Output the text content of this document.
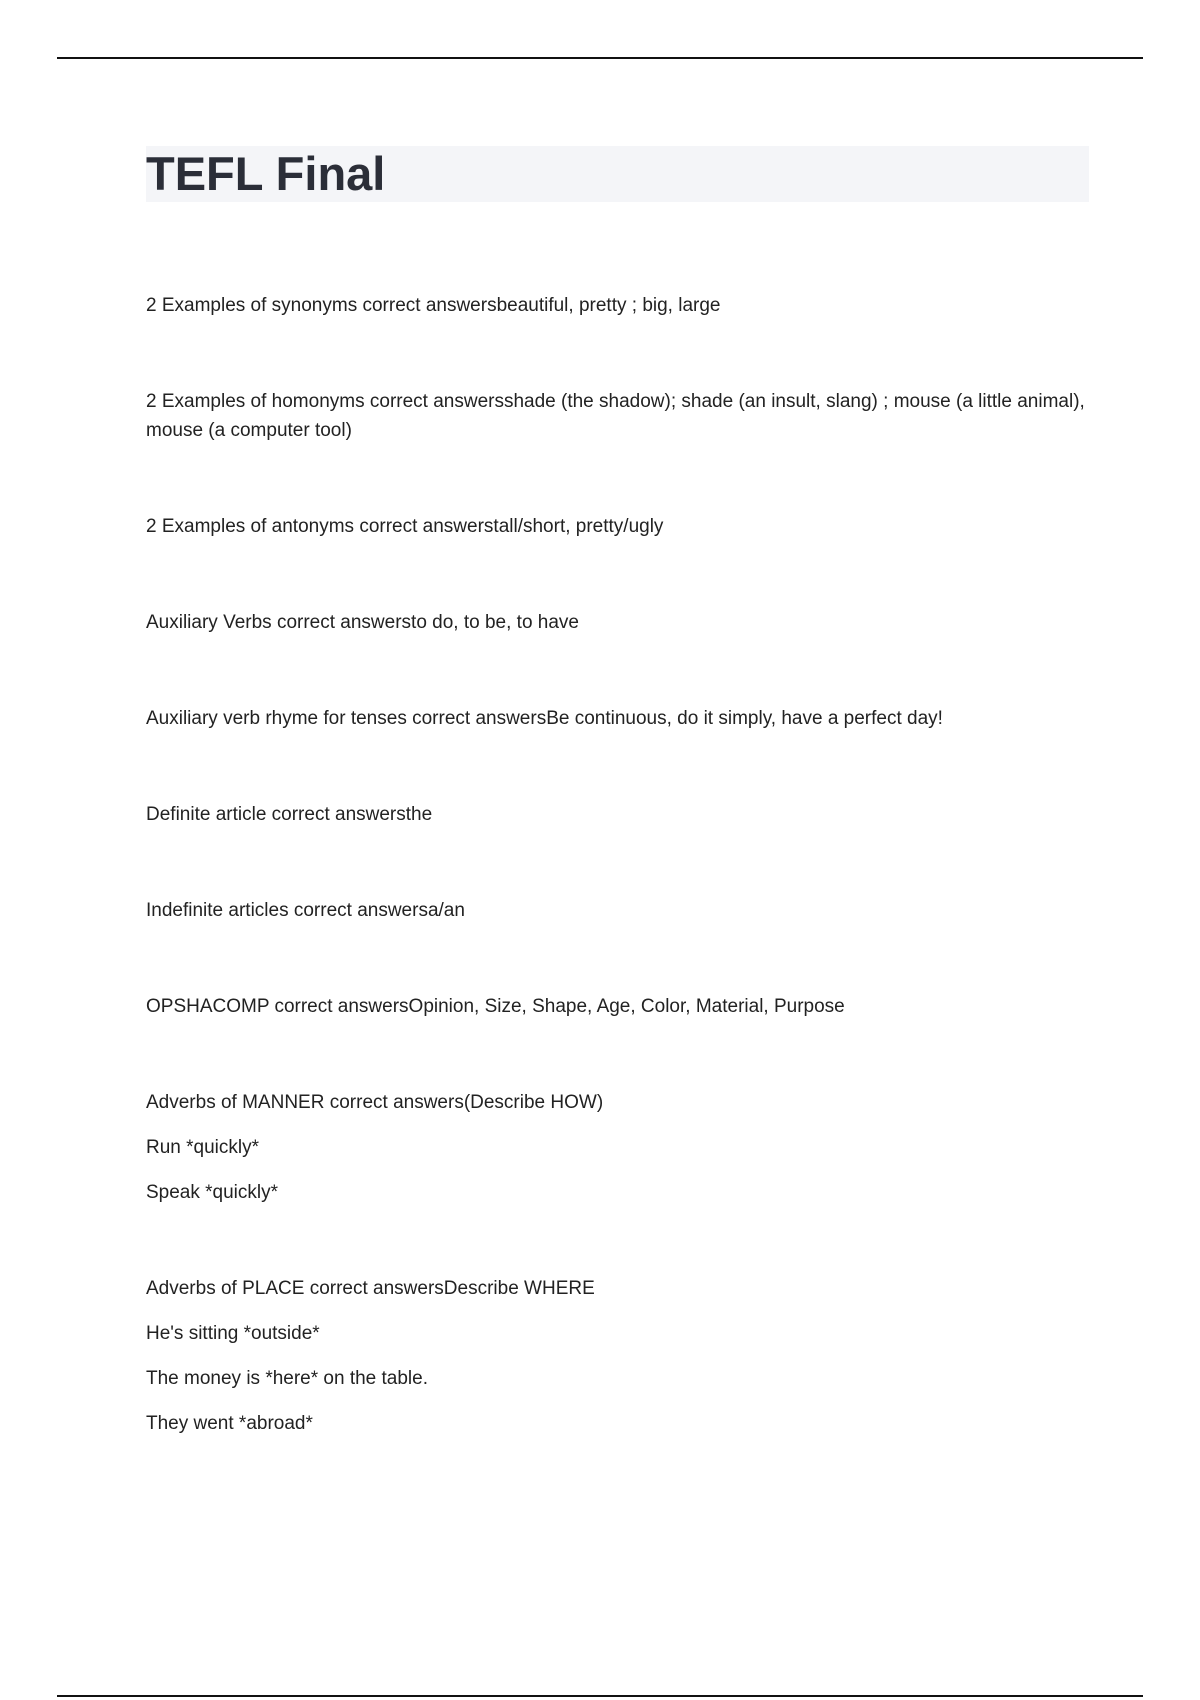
TEFL Final

2 Examples of synonyms correct answersbeautiful, pretty ; big, large

2 Examples of homonyms correct answersshade (the shadow); shade (an insult, slang) ; mouse (a little animal), mouse (a computer tool)

2 Examples of antonyms correct answerstall/short, pretty/ugly

Auxiliary Verbs correct answersto do, to be, to have

Auxiliary verb rhyme for tenses correct answersBe continuous, do it simply, have a perfect day!

Definite article correct answersthe

Indefinite articles correct answersa/an

OPSHACOMP correct answersOpinion, Size, Shape, Age, Color, Material, Purpose

Adverbs of MANNER correct answers(Describe HOW)

Run *quickly*

Speak *quickly*

Adverbs of PLACE correct answersDescribe WHERE

He's sitting *outside*

The money is *here* on the table.

They went *abroad*
